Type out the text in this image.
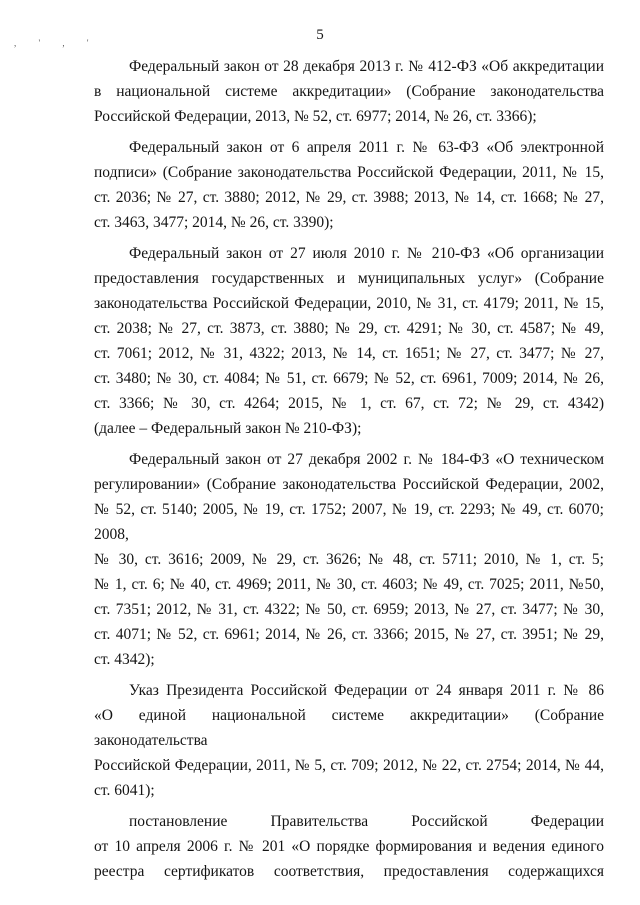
, ' , '	5

Федеральный закон от 28 декабря 2013 г. № 412-ФЗ «Об аккредитации
в национальной системе аккредитации» (Собрание законодательства
Российской Федерации, 2013, № 52, ст. 6977; 2014, № 26, ст. 3366);

Федеральный закон от 6 апреля 2011 г. № 63-ФЗ «Об электронной
подписи» (Собрание законодательства Российской Федерации, 2011, № 15,
ст. 2036; № 27, ст. 3880; 2012, № 29, ст. 3988; 2013, № 14, ст. 1668; № 27,
ст. 3463, 3477; 2014, № 26, ст. 3390);

Федеральный закон от 27 июля 2010 г. № 210-ФЗ «Об организации
предоставления государственных и муниципальных услуг» (Собрание
законодательства Российской Федерации, 2010, № 31, ст. 4179; 2011, № 15,
ст. 2038; № 27, ст. 3873, ст. 3880; № 29, ст. 4291; № 30, ст. 4587; № 49,
ст. 7061; 2012, № 31, 4322; 2013, № 14, ст. 1651; № 27, ст. 3477; № 27,
ст. 3480; № 30, ст. 4084; № 51, ст. 6679; № 52, ст. 6961, 7009; 2014, № 26,
ст. 3366; № 30, ст. 4264; 2015, № 1, ст. 67, ст. 72; № 29, ст. 4342)
(далее – Федеральный закон № 210-ФЗ);

Федеральный закон от 27 декабря 2002 г. № 184-ФЗ «О техническом
регулировании» (Собрание законодательства Российской Федерации, 2002,
№ 52, ст. 5140; 2005, № 19, ст. 1752; 2007, № 19, ст. 2293; № 49, ст. 6070; 2008,
№ 30, ст. 3616; 2009, № 29, ст. 3626; № 48, ст. 5711; 2010, № 1, ст. 5;
№ 1, ст. 6; № 40, ст. 4969; 2011, № 30, ст. 4603; № 49, ст. 7025; 2011, №50,
ст. 7351; 2012, № 31, ст. 4322; № 50, ст. 6959; 2013, № 27, ст. 3477; № 30,
ст. 4071; № 52, ст. 6961; 2014, № 26, ст. 3366; 2015, № 27, ст. 3951; № 29,
ст. 4342);

Указ Президента Российской Федерации от 24 января 2011 г. № 86
«О единой национальной системе аккредитации» (Собрание законодательства
Российской Федерации, 2011, № 5, ст. 709; 2012, № 22, ст. 2754; 2014, № 44,
ст. 6041);

постановление Правительства Российской Федерации
от 10 апреля 2006 г. № 201 «О порядке формирования и ведения единого
реестра сертификатов соответствия, предоставления содержащихся
